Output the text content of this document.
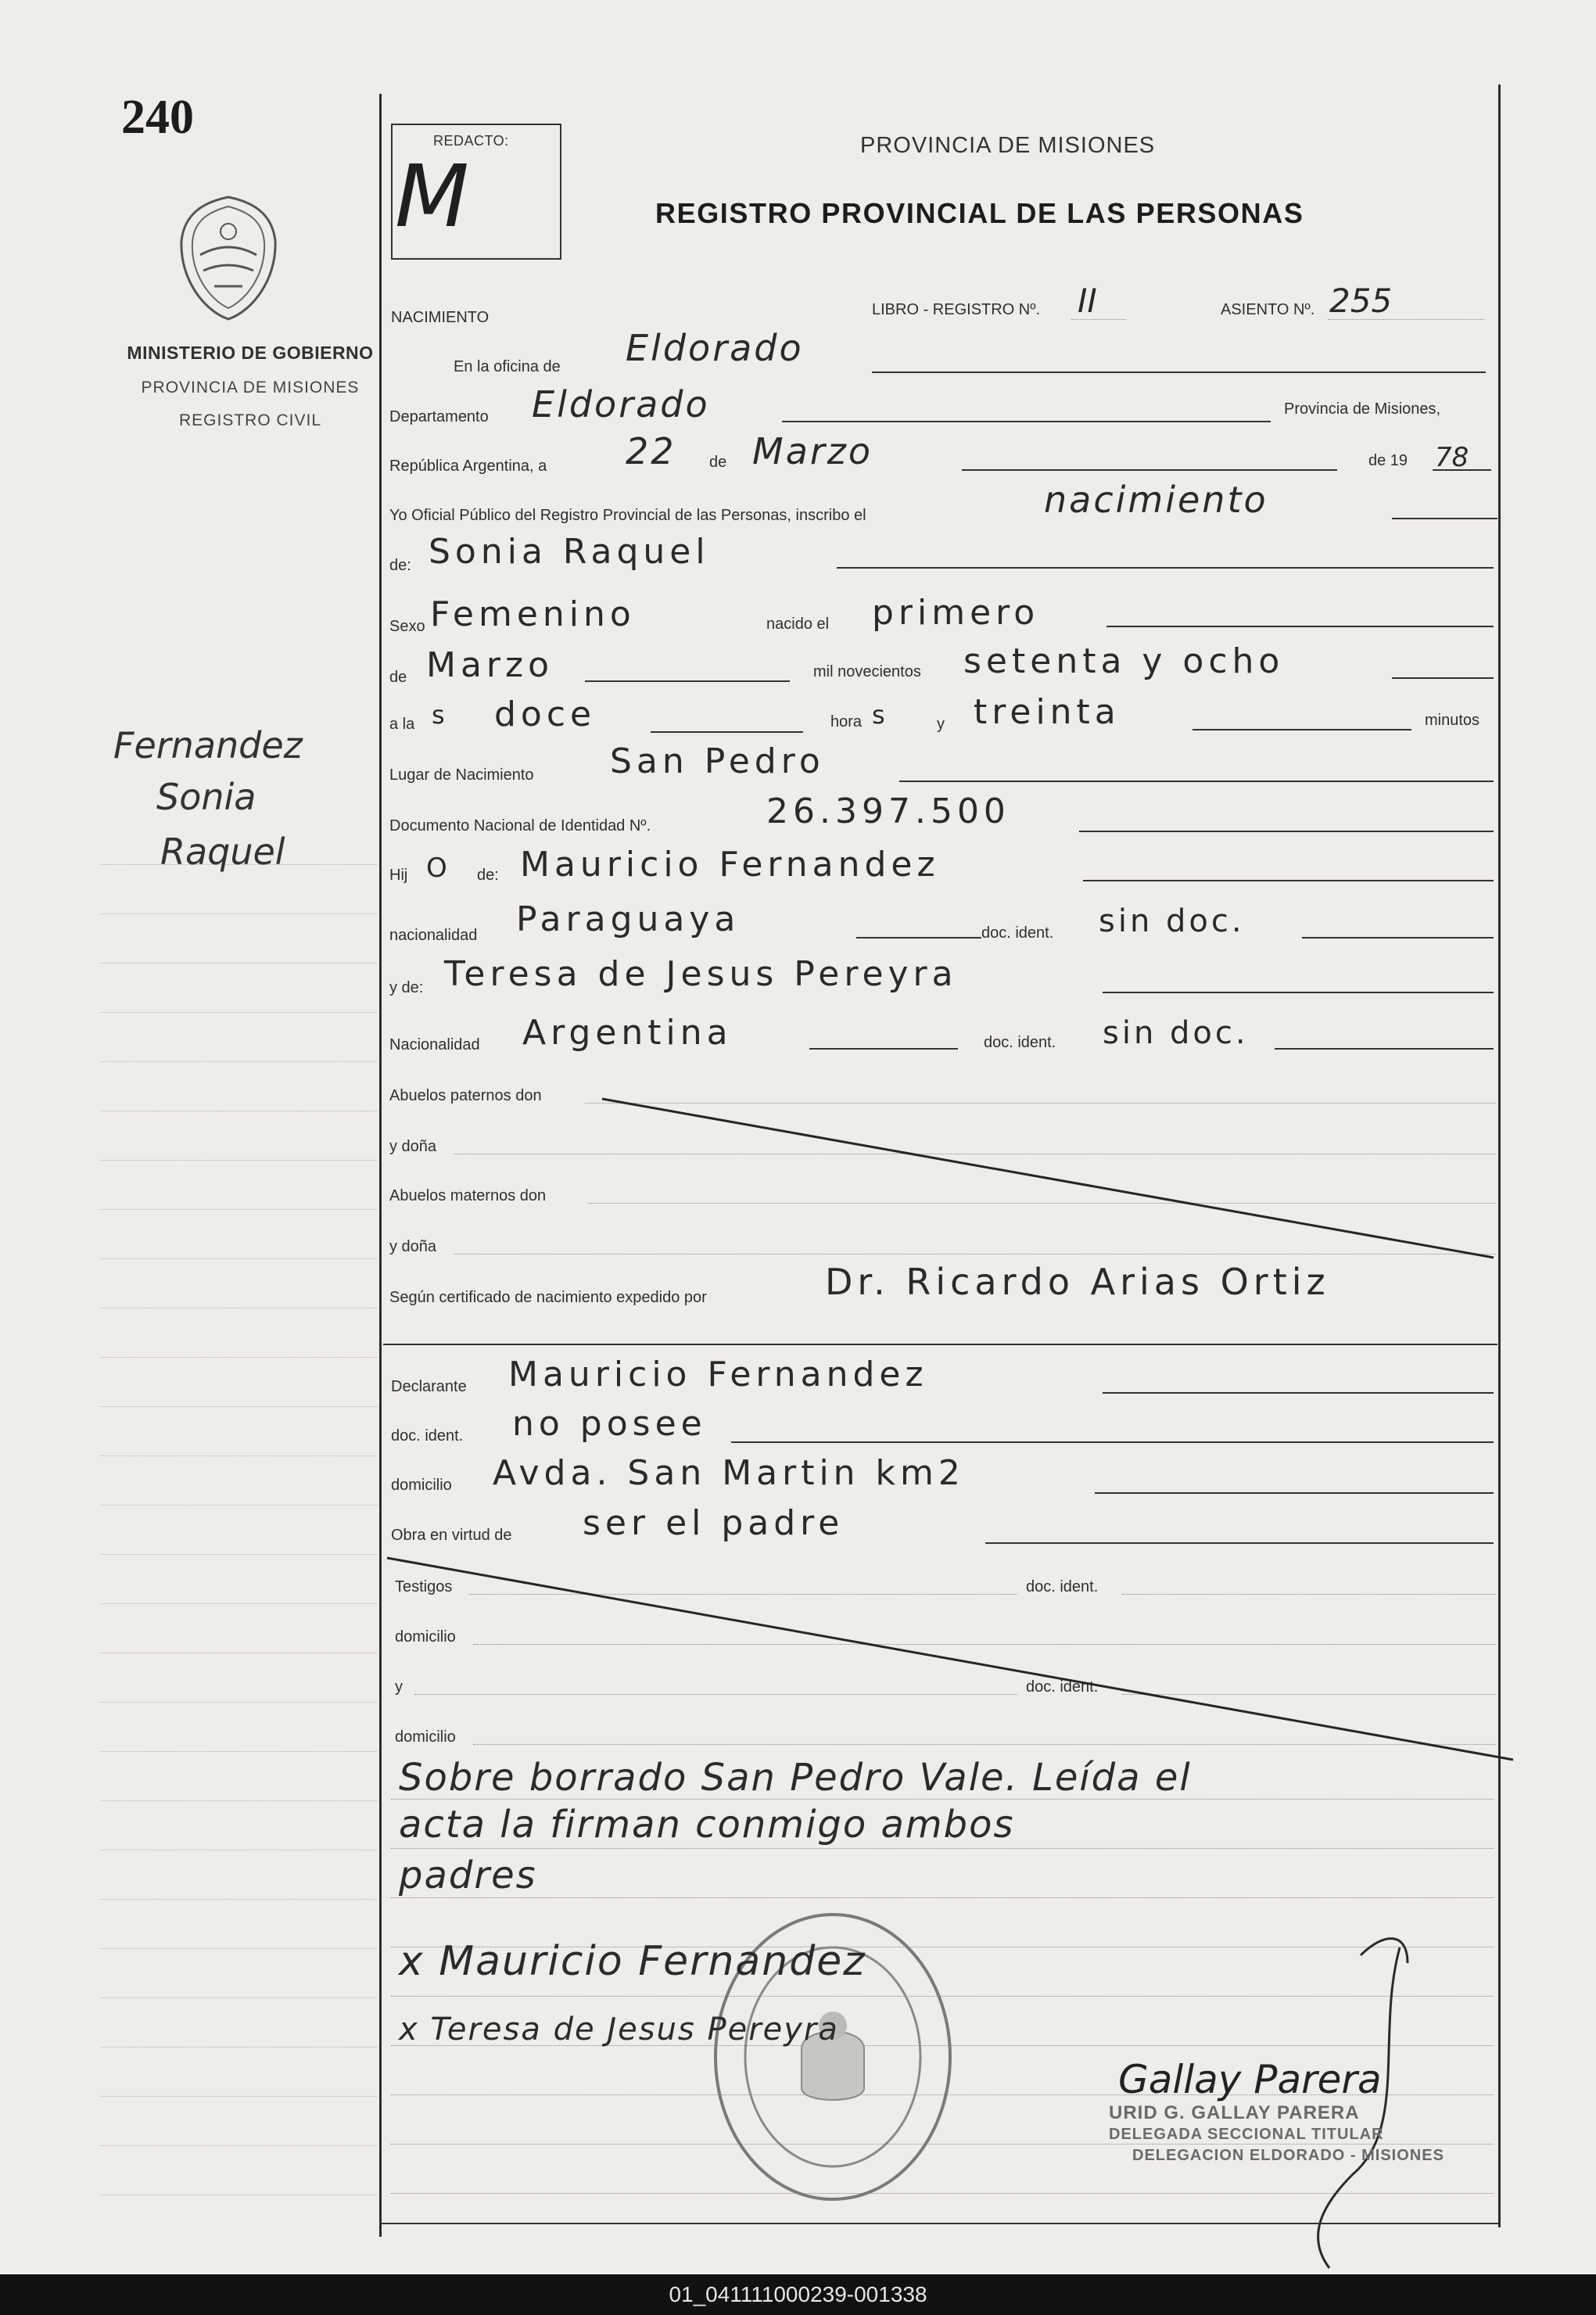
240
MINISTERIO DE GOBIERNO
PROVINCIA DE MISIONES
REGISTRO CIVIL
Fernandez
Sonia
Raquel
REDACTO:
M
PROVINCIA DE MISIONES
REGISTRO PROVINCIAL DE LAS PERSONAS
NACIMIENTO	LIBRO - REGISTRO Nº. II	ASIENTO Nº. 255
En la oficina de Eldorado
Departamento Eldorado	Provincia de Misiones,
República Argentina, a 22 de Marzo	de 19 78
Yo Oficial Público del Registro Provincial de las Personas, inscribo el	nacimiento
de: Sonia Raquel
Sexo Femenino	nacido el primero
de Marzo	mil novecientos setenta y ocho
a la s doce	hora s	y treinta	minutos
Lugar de Nacimiento San Pedro
Documento Nacional de Identidad Nº.	26.397.500
Hij O de: Mauricio Fernandez
nacionalidad Paraguaya	doc. ident. sin doc.
y de: Teresa de Jesus Pereyra
Nacionalidad Argentina	doc. ident. sin doc.
Abuelos paternos don
y doña
Abuelos maternos don
y doña
Según certificado de nacimiento expedido por	Dr. Ricardo Arias Ortiz
Declarante Mauricio Fernandez
doc. ident. no posee
domicilio Avda. San Martin km2
Obra en virtud de ser el padre
Testigos	doc. ident.
domicilio
y	doc. ident.
domicilio
Sobre borrado San Pedro Vale. Leída el
acta la firman conmigo ambos
padres
x Mauricio Fernandez
x Teresa de Jesus Pereyra
Gallay Parera
URID G. GALLAY PARERA
DELEGADA SECCIONAL TITULAR
DELEGACION ELDORADO - MISIONES
01_041111000239-001338
